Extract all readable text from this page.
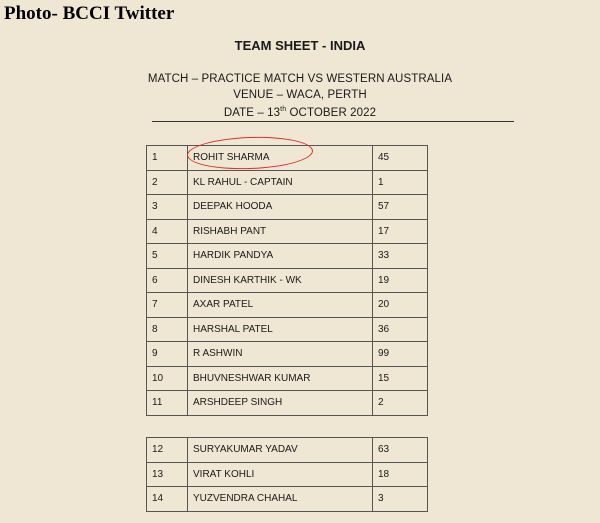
Photo- BCCI Twitter
TEAM SHEET - INDIA
MATCH – PRACTICE MATCH VS WESTERN AUSTRALIA
VENUE – WACA, PERTH
DATE – 13th OCTOBER 2022
1	ROHIT SHARMA	45
2	KL RAHUL - CAPTAIN	1
3	DEEPAK HOODA	57
4	RISHABH PANT	17
5	HARDIK PANDYA	33
6	DINESH KARTHIK - WK	19
7	AXAR PATEL	20
8	HARSHAL PATEL	36
9	R ASHWIN	99
10	BHUVNESHWAR KUMAR	15
11	ARSHDEEP SINGH	2
12	SURYAKUMAR YADAV	63
13	VIRAT KOHLI	18
14	YUZVENDRA CHAHAL	3
